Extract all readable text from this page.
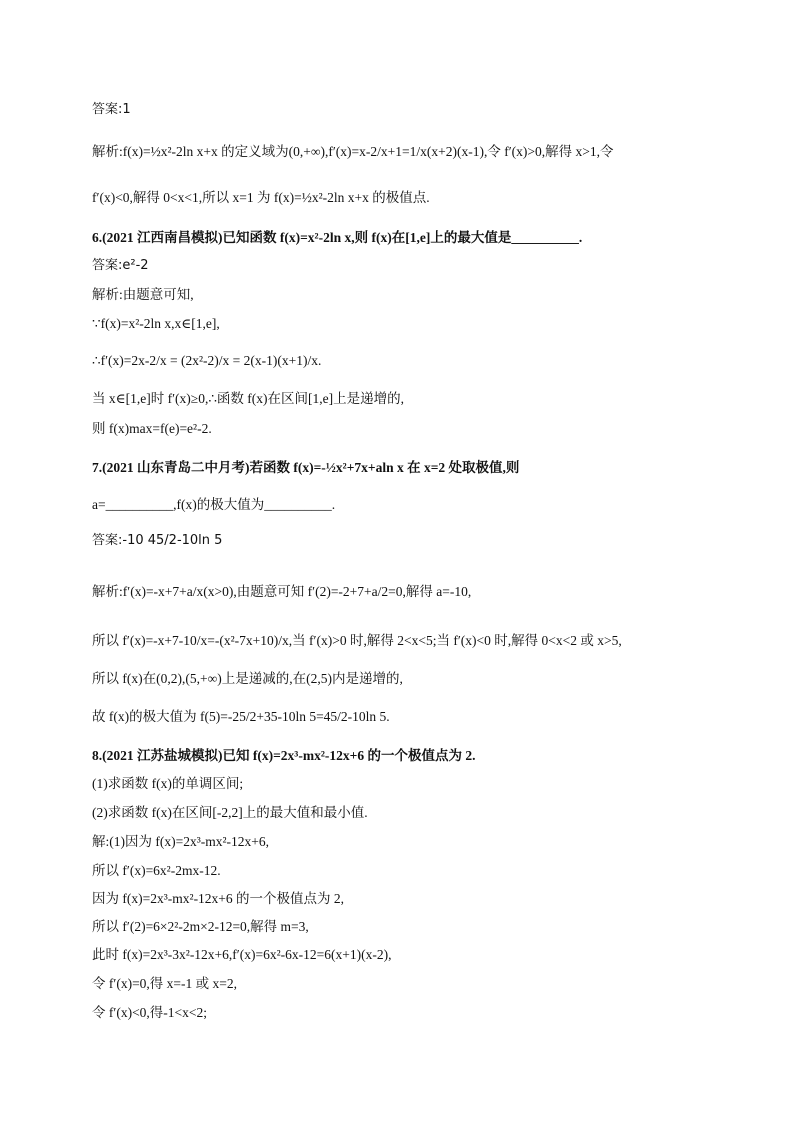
答案:1
解析:f(x)=½x²-2ln x+x 的定义域为(0,+∞),f′(x)=x-2/x+1=1/x(x+2)(x-1),令 f′(x)>0,解得 x>1,令
f′(x)<0,解得 0<x<1,所以 x=1 为 f(x)=½x²-2ln x+x 的极值点.
6.(2021 江西南昌模拟)已知函数 f(x)=x²-2ln x,则 f(x)在[1,e]上的最大值是__________.
答案:e²-2
解析:由题意可知,
∵f(x)=x²-2ln x,x∈[1,e],
∴f′(x)=2x-2/x = (2x²-2)/x = 2(x-1)(x+1)/x.
当 x∈[1,e]时 f′(x)≥0,∴函数 f(x)在区间[1,e]上是递增的,
则 f(x)max=f(e)=e²-2.
7.(2021 山东青岛二中月考)若函数 f(x)=-½x²+7x+aln x 在 x=2 处取极值,则
a=__________,f(x)的极大值为__________.
答案:-10 45/2-10ln 5
解析:f′(x)=-x+7+a/x(x>0),由题意可知 f′(2)=-2+7+a/2=0,解得 a=-10,
所以 f′(x)=-x+7-10/x=-(x²-7x+10)/x,当 f′(x)>0 时,解得 2<x<5;当 f′(x)<0 时,解得 0<x<2 或 x>5,
所以 f(x)在(0,2),(5,+∞)上是递减的,在(2,5)内是递增的,
故 f(x)的极大值为 f(5)=-25/2+35-10ln 5=45/2-10ln 5.
8.(2021 江苏盐城模拟)已知 f(x)=2x³-mx²-12x+6 的一个极值点为 2.
(1)求函数 f(x)的单调区间;
(2)求函数 f(x)在区间[-2,2]上的最大值和最小值.
解:(1)因为 f(x)=2x³-mx²-12x+6,
所以 f′(x)=6x²-2mx-12.
因为 f(x)=2x³-mx²-12x+6 的一个极值点为 2,
所以 f′(2)=6×2²-2m×2-12=0,解得 m=3,
此时 f(x)=2x³-3x²-12x+6,f′(x)=6x²-6x-12=6(x+1)(x-2),
令 f′(x)=0,得 x=-1 或 x=2,
令 f′(x)<0,得-1<x<2;
